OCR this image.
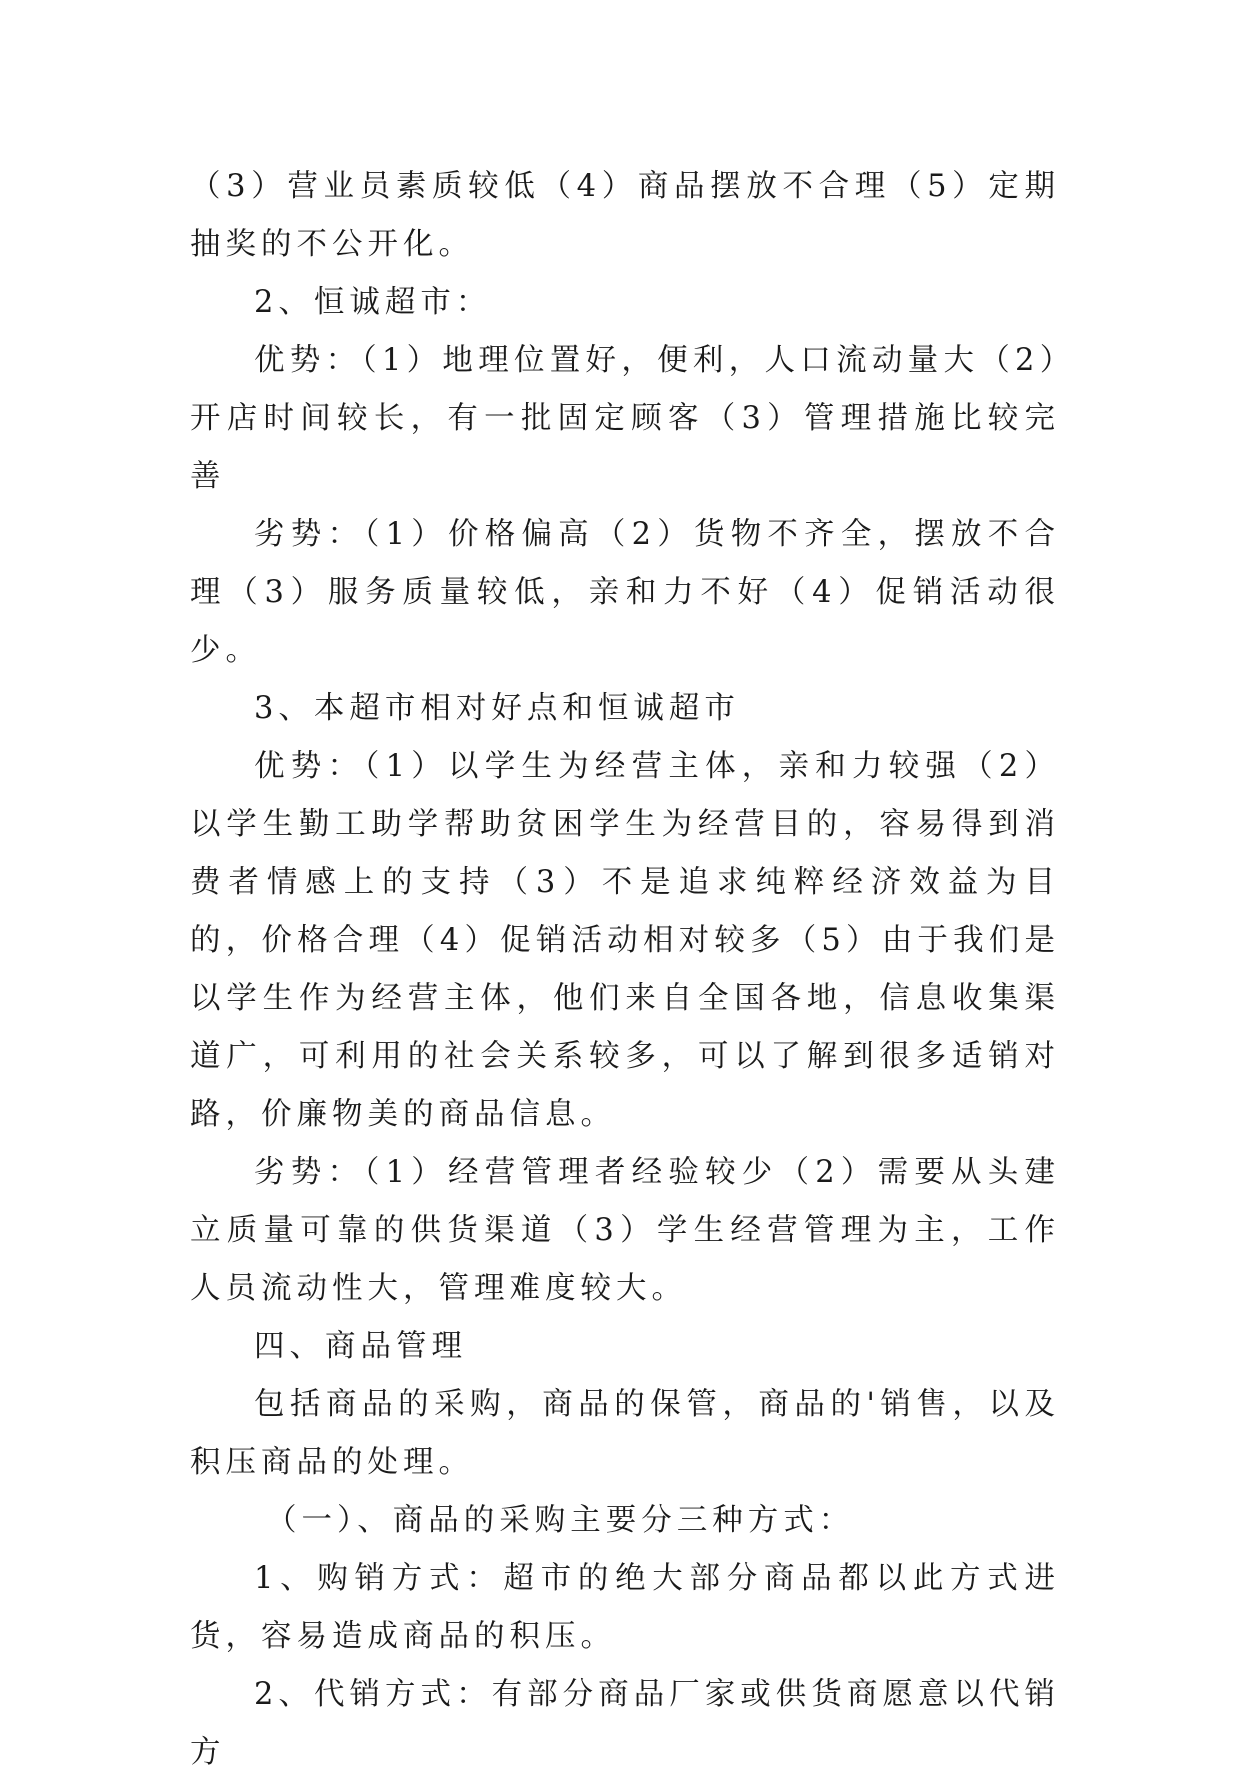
（3）营业员素质较低（4）商品摆放不合理（5）定期抽奖的不公开化。

2、恒诚超市：

优势：（1）地理位置好，便利，人口流动量大（2）开店时间较长，有一批固定顾客（3）管理措施比较完善

劣势：（1）价格偏高（2）货物不齐全，摆放不合理（3）服务质量较低，亲和力不好（4）促销活动很少。

3、本超市相对好点和恒诚超市

优势：（1）以学生为经营主体，亲和力较强（2）以学生勤工助学帮助贫困学生为经营目的，容易得到消费者情感上的支持（3）不是追求纯粹经济效益为目的，价格合理（4）促销活动相对较多（5）由于我们是以学生作为经营主体，他们来自全国各地，信息收集渠道广，可利用的社会关系较多，可以了解到很多适销对路，价廉物美的商品信息。

劣势：（1）经营管理者经验较少（2）需要从头建立质量可靠的供货渠道（3）学生经营管理为主，工作人员流动性大，管理难度较大。

四、商品管理

包括商品的采购，商品的保管，商品的'销售，以及积压商品的处理。

（一）、商品的采购主要分三种方式：

1、购销方式：超市的绝大部分商品都以此方式进货，容易造成商品的积压。

2、代销方式：有部分商品厂家或供货商愿意以代销方
